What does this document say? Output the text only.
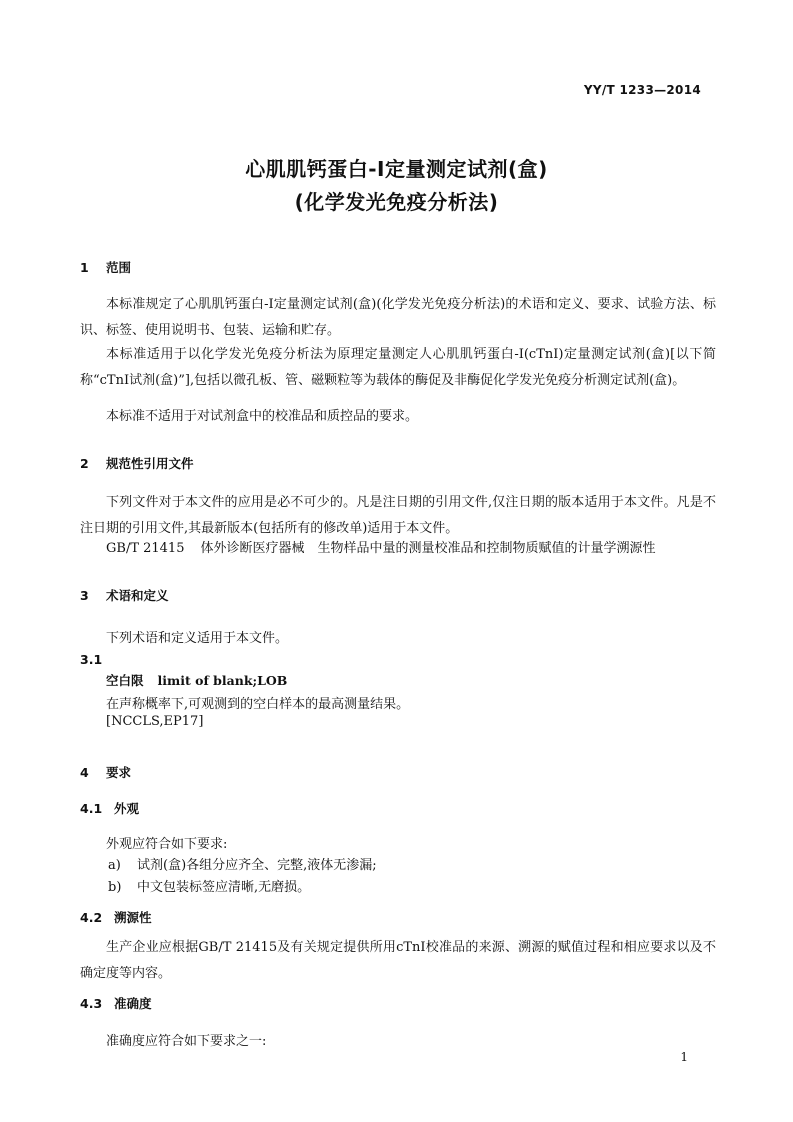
YY/T 1233—2014
心肌肌钙蛋白-I定量测定试剂(盒)
(化学发光免疫分析法)
1 范围
本标准规定了心肌肌钙蛋白-I定量测定试剂(盒)(化学发光免疫分析法)的术语和定义、要求、试验方法、标识、标签、使用说明书、包装、运输和贮存。
本标准适用于以化学发光免疫分析法为原理定量测定人心肌肌钙蛋白-I(cTnI)定量测定试剂(盒)[以下简称“cTnI试剂(盒)”],包括以微孔板、管、磁颗粒等为载体的酶促及非酶促化学发光免疫分析测定试剂(盒)。
本标准不适用于对试剂盒中的校准品和质控品的要求。
2 规范性引用文件
下列文件对于本文件的应用是必不可少的。凡是注日期的引用文件,仅注日期的版本适用于本文件。凡是不注日期的引用文件,其最新版本(包括所有的修改单)适用于本文件。
GB/T 21415 体外诊断医疗器械　生物样品中量的测量校准品和控制物质赋值的计量学溯源性
3 术语和定义
下列术语和定义适用于本文件。
3.1
空白限 limit of blank;LOB
在声称概率下,可观测到的空白样本的最高测量结果。
[NCCLS,EP17]
4 要求
4.1 外观
外观应符合如下要求:
a) 试剂(盒)各组分应齐全、完整,液体无渗漏;
b) 中文包装标签应清晰,无磨损。
4.2 溯源性
生产企业应根据GB/T 21415及有关规定提供所用cTnI校准品的来源、溯源的赋值过程和相应要求以及不确定度等内容。
4.3 准确度
准确度应符合如下要求之一:
1
